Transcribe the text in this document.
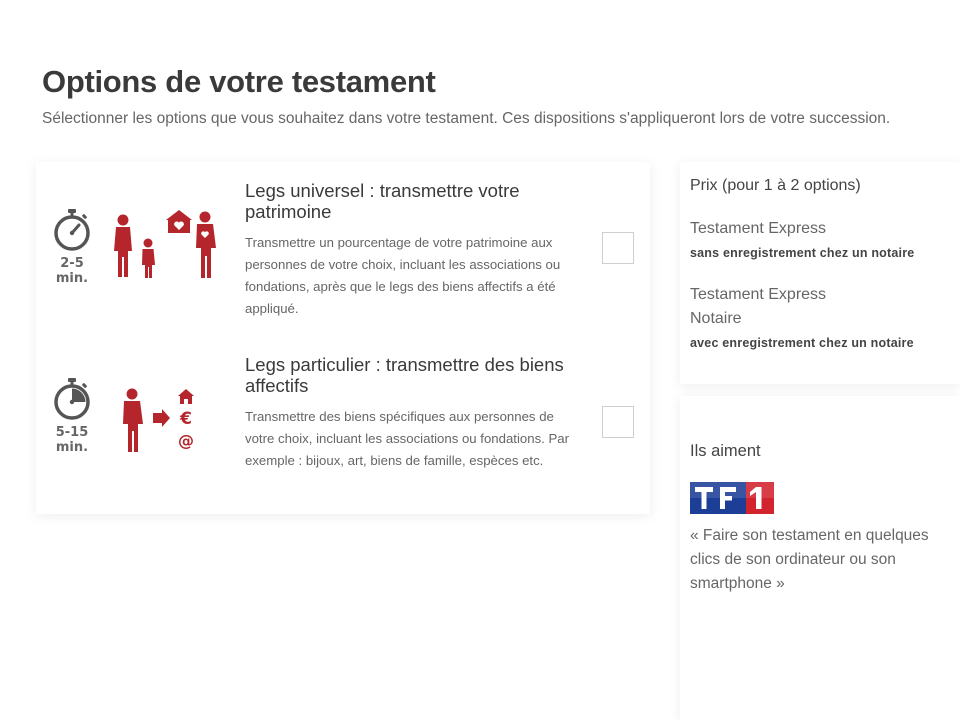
Options de votre testament

Sélectionner les options que vous souhaitez dans votre testament. Ces dispositions s'appliqueront lors de votre succession.

2-5
min.
Legs universel : transmettre votre patrimoine
Transmettre un pourcentage de votre patrimoine aux personnes de votre choix, incluant les associations ou fondations, après que le legs des biens affectifs a été appliqué.
5-15
min.
€
@
Legs particulier : transmettre des biens affectifs
Transmettre des biens spécifiques aux personnes de votre choix, incluant les associations ou fondations. Par exemple : bijoux, art, biens de famille, espèces etc.
Prix (pour 1 à 2 options)
Testament Express
sans enregistrement chez un notaire
Testament Express
Notaire
avec enregistrement chez un notaire
Ils aiment
« Faire son testament en quelques clics de son ordinateur ou son smartphone »
